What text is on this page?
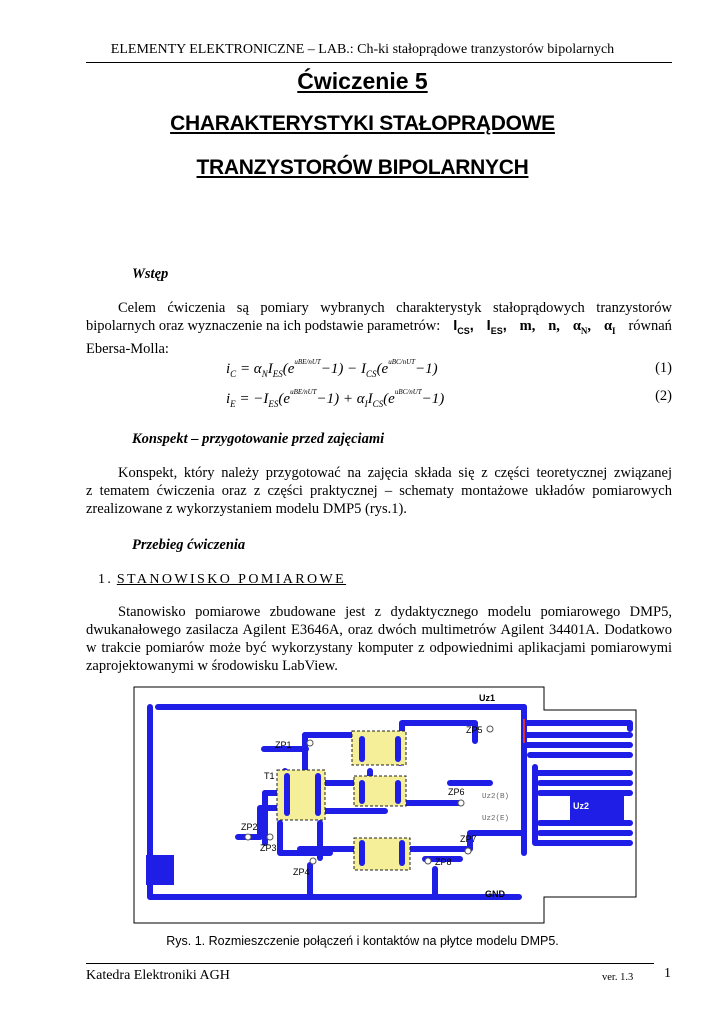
ELEMENTY ELEKTRONICZNE – LAB.: Ch-ki stałoprądowe tranzystorów bipolarnych
Ćwiczenie 5
CHARAKTERYSTYKI STAŁOPRĄDOWE
TRANZYSTORÓW BIPOLARNYCH
Wstęp
Celem ćwiczenia są pomiary wybranych charakterystyk stałoprądowych tranzystorów
bipolarnych oraz wyznaczenie na ich podstawie parametrów: $I_{CS}$, $I_{ES}$, m, n, $\alpha_N$, $\alpha_I$ równań
Ebersa-Molla:
$i_C = \alpha_NI_{ES}(e^{uBE/nUT}-1) - I_{CS}(e^{uBC/nUT}-1)$	(1)
$i_E = -I_{ES}(e^{uBE/nUT}-1) + \alpha_II_{CS}(e^{uBC/nUT}-1)$	(2)
Konspekt – przygotowanie przed zajęciami
Konspekt, który należy przygotować na zajęcia składa się z części teoretycznej związanej
z tematem ćwiczenia oraz z części praktycznej – schematy montażowe układów pomiarowych
zrealizowane z wykorzystaniem modelu DMP5 (rys.1).
Przebieg ćwiczenia
1. STANOWISKO POMIAROWE
Stanowisko pomiarowe zbudowane jest z dydaktycznego modelu pomiarowego DMP5,
dwukanałowego zasilacza Agilent E3646A, oraz dwóch multimetrów Agilent 34401A. Dodatkowo
w trakcie pomiarów może być wykorzystany komputer z odpowiednimi aplikacjami pomiarowymi
zaprojektowanymi w środowisku LabView.
Uz1
ZP5
ZP1
T1
ZP6 Uz2(B)
Uz2(E)
Uz2
ZP2
ZP3
ZP7
ZP8
ZP4
GND
Rys. 1. Rozmieszczenie połączeń i kontaktów na płytce modelu DMP5.
Katedra Elektroniki AGH	ver. 1.3 1
